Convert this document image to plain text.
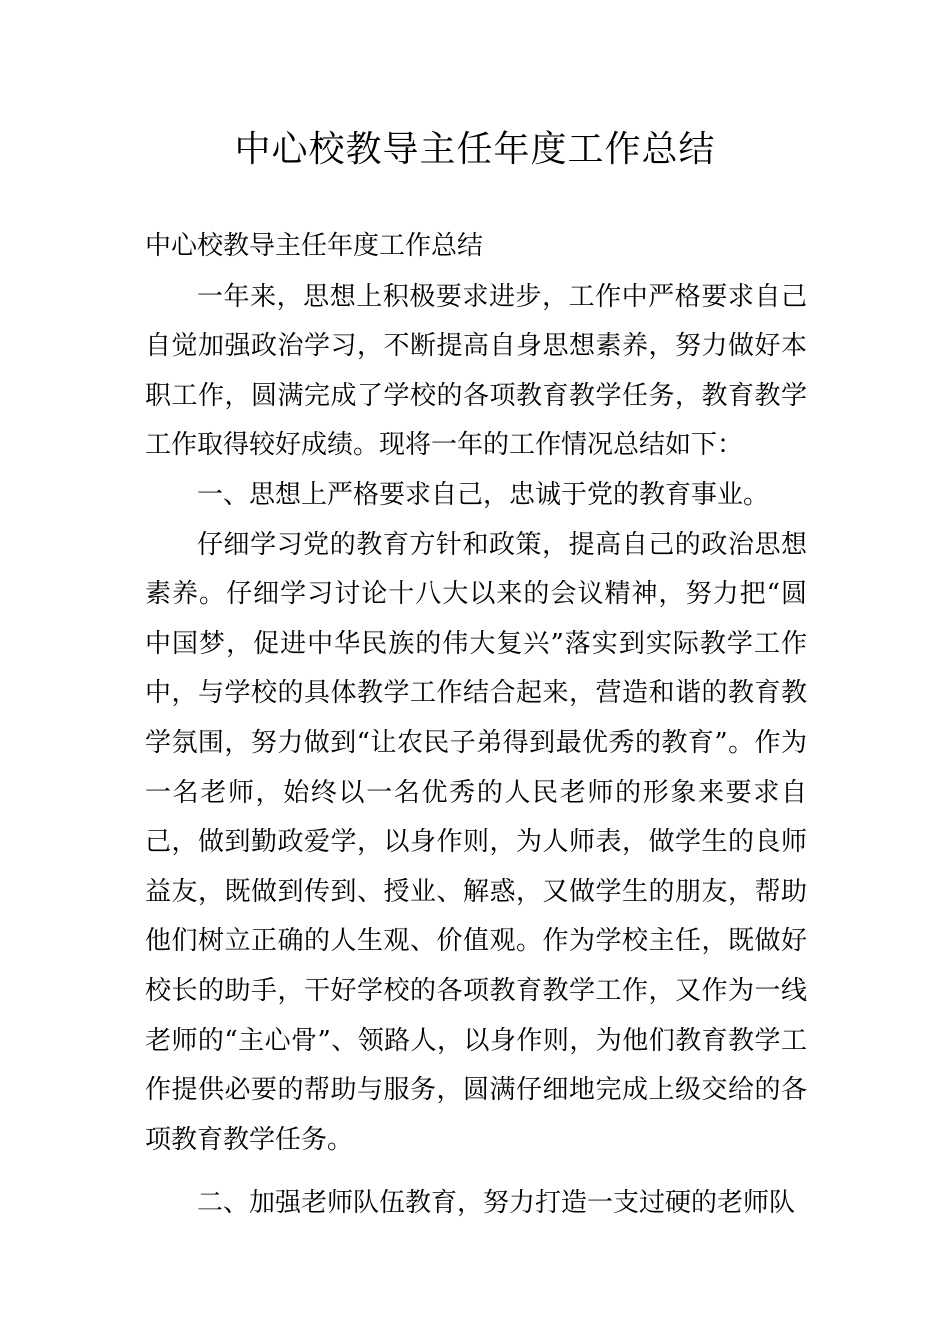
中心校教导主任年度工作总结

中心校教导主任年度工作总结

一年来，思想上积极要求进步，工作中严格要求自己自觉加强政治学习，不断提高自身思想素养，努力做好本职工作，圆满完成了学校的各项教育教学任务，教育教学工作取得较好成绩。现将一年的工作情况总结如下：

一、思想上严格要求自己，忠诚于党的教育事业。

仔细学习党的教育方针和政策，提高自己的政治思想素养。仔细学习讨论十八大以来的会议精神，努力把“圆中国梦，促进中华民族的伟大复兴”落实到实际教学工作中，与学校的具体教学工作结合起来，营造和谐的教育教学氛围，努力做到“让农民子弟得到最优秀的教育”。作为一名老师，始终以一名优秀的人民老师的形象来要求自己，做到勤政爱学，以身作则，为人师表，做学生的良师益友，既做到传到、授业、解惑，又做学生的朋友，帮助他们树立正确的人生观、价值观。作为学校主任，既做好校长的助手，干好学校的各项教育教学工作，又作为一线老师的“主心骨”、领路人，以身作则，为他们教育教学工作提供必要的帮助与服务，圆满仔细地完成上级交给的各项教育教学任务。

二、加强老师队伍教育，努力打造一支过硬的老师队
